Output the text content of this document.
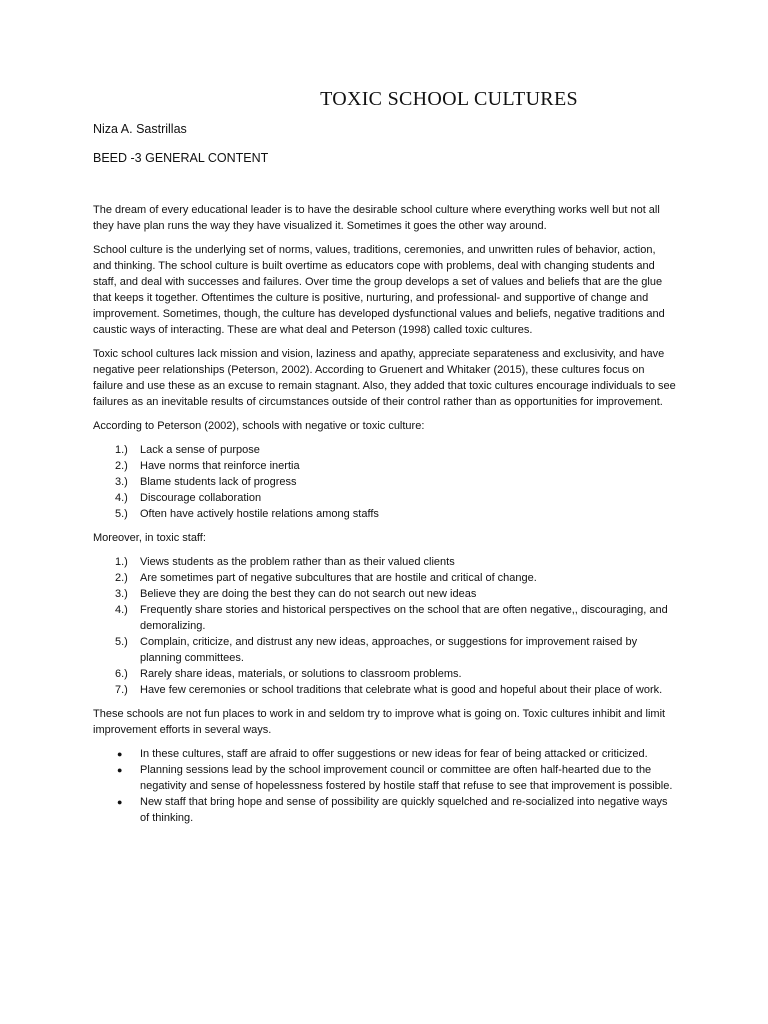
TOXIC SCHOOL CULTURES
Niza A. Sastrillas
BEED -3 GENERAL CONTENT

The dream of every educational leader is to have the desirable school culture where everything works well but not all they have plan runs the way they have visualized it. Sometimes it goes the other way around.

School culture is the underlying set of norms, values, traditions, ceremonies, and unwritten rules of behavior, action, and thinking. The school culture is built overtime as educators cope with problems, deal with changing students and staff, and deal with successes and failures. Over time the group develops a set of values and beliefs that are the glue that keeps it together. Oftentimes the culture is positive, nurturing, and professional- and supportive of change and improvement. Sometimes, though, the culture has developed dysfunctional values and beliefs, negative traditions and caustic ways of interacting. These are what deal and Peterson (1998) called toxic cultures.

Toxic school cultures lack mission and vision, laziness and apathy, appreciate separateness and exclusivity, and have negative peer relationships (Peterson, 2002). According to Gruenert and Whitaker (2015), these cultures focus on failure and use these as an excuse to remain stagnant. Also, they added that toxic cultures encourage individuals to see failures as an inevitable results of circumstances outside of their control rather than as opportunities for improvement.

According to Peterson (2002), schools with negative or toxic culture:

1.)	Lack a sense of purpose
2.)	Have norms that reinforce inertia
3.)	Blame students lack of progress
4.)	Discourage collaboration
5.)	Often have actively hostile relations among staffs

Moreover, in toxic staff:

1.)	Views students as the problem rather than as their valued clients
2.)	Are sometimes part of negative subcultures that are hostile and critical of change.
3.)	Believe they are doing the best they can do not search out new ideas
4.)	Frequently share stories and historical perspectives on the school that are often negative,, discouraging, and demoralizing.
5.)	Complain, criticize, and distrust any new ideas, approaches, or suggestions for improvement raised by planning committees.
6.)	Rarely share ideas, materials, or solutions to classroom problems.
7.)	Have few ceremonies or school traditions that celebrate what is good and hopeful about their place of work.

These schools are not fun places to work in and seldom try to improve what is going on. Toxic cultures inhibit and limit improvement efforts in several ways.

●	In these cultures, staff are afraid to offer suggestions or new ideas for fear of being attacked or criticized.
●	Planning sessions lead by the school improvement council or committee are often half-hearted due to the negativity and sense of hopelessness fostered by hostile staff that refuse to see that improvement is possible.
●	New staff that bring hope and sense of possibility are quickly squelched and re-socialized into negative ways of thinking.
